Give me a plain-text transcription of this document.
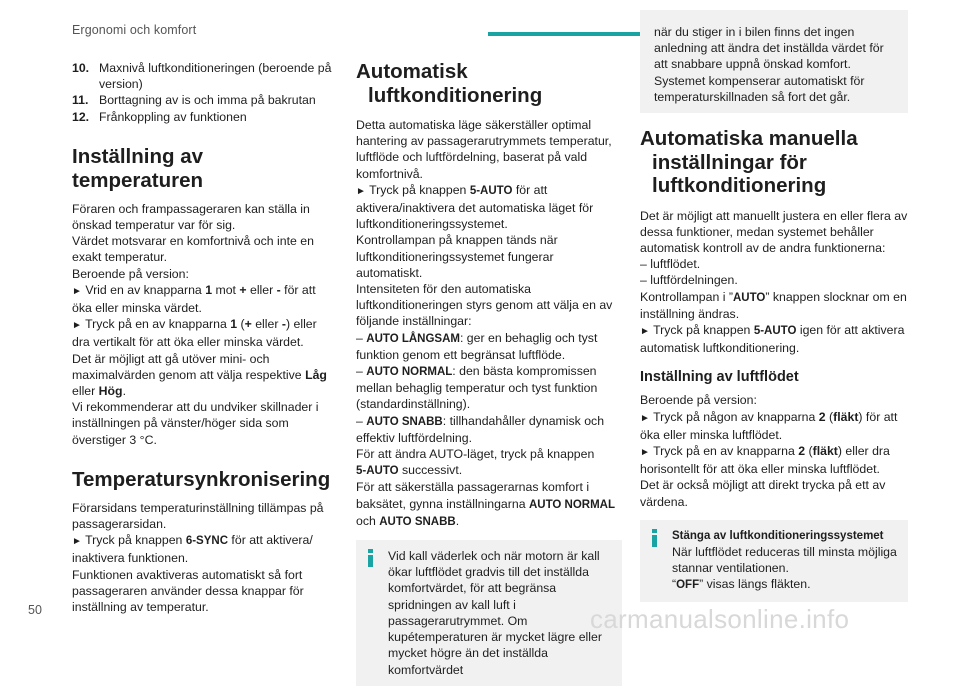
Ergonomi och komfort
10. Maxnivå luftkonditioneringen (beroende på version)
11. Borttagning av is och imma på bakrutan
12. Frånkoppling av funktionen
Inställning av temperaturen

Föraren och frampassageraren kan ställa in önskad temperatur var för sig.

Värdet motsvarar en komfortnivå och inte en exakt temperatur.

Beroende på version:

► Vrid en av knapparna 1 mot + eller - för att öka eller minska värdet.

► Tryck på en av knapparna 1 (+ eller -) eller dra vertikalt för att öka eller minska värdet.

Det är möjligt att gå utöver mini- och maximalvärden genom att välja respektive Låg eller Hög.

Vi rekommenderar att du undviker skillnader i inställningen på vänster/höger sida som överstiger 3 °C.

Temperatursynkronisering

Förarsidans temperaturinställning tillämpas på passagerarsidan.

► Tryck på knappen 6-SYNC för att aktivera/ inaktivera funktionen.

Funktionen avaktiveras automatiskt så fort passageraren använder dessa knappar för inställning av temperatur.

Automatisk
luftkonditionering

Detta automatiska läge säkerställer optimal hantering av passagerarutrymmets temperatur, luftflöde och luftfördelning, baserat på vald komfortnivå.

► Tryck på knappen 5-AUTO för att aktivera/inaktivera det automatiska läget för luftkonditioneringssystemet.

Kontrollampan på knappen tänds när luftkonditioneringssystemet fungerar automatiskt.

Intensiteten för den automatiska luftkonditioneringen styrs genom att välja en av följande inställningar:

– AUTO LÅNGSAM: ger en behaglig och tyst funktion genom ett begränsat luftflöde.

– AUTO NORMAL: den bästa kompromissen mellan behaglig temperatur och tyst funktion (standardinställning).

– AUTO SNABB: tillhandahåller dynamisk och effektiv luftfördelning.

För att ändra AUTO-läget, tryck på knappen

5-AUTO successivt.

För att säkerställa passagerarnas komfort i baksätet, gynna inställningarna AUTO NORMAL och AUTO SNABB.

Vid kall väderlek och när motorn är kall ökar luftflödet gradvis till det inställda komfortvärdet, för att begränsa spridningen av kall luft i passagerarutrymmet. Om kupétemperaturen är mycket lägre eller mycket högre än det inställda komfortvärdet
när du stiger in i bilen finns det ingen anledning att ändra det inställda värdet för att snabbare uppnå önskad komfort. Systemet kompenserar automatiskt för temperaturskillnaden så fort det går.
Automatiska manuella
inställningar för
luftkonditionering

Det är möjligt att manuellt justera en eller flera av dessa funktioner, medan systemet behåller automatisk kontroll av de andra funktionerna:

– luftflödet.

– luftfördelningen.

Kontrollampan i ”AUTO” knappen slocknar om en inställning ändras.

► Tryck på knappen 5-AUTO igen för att aktivera automatisk luftkonditionering.

Inställning av luftflödet

Beroende på version:

► Tryck på någon av knapparna 2 (fläkt) för att öka eller minska luftflödet.

► Tryck på en av knapparna 2 (fläkt) eller dra horisontellt för att öka eller minska luftflödet.

Det är också möjligt att direkt trycka på ett av värdena.

Stänga av luftkonditioneringssystemet
När luftflödet reduceras till minsta möjliga stannar ventilationen.
“OFF” visas längs fläkten.
50	carmanualsonline.info
